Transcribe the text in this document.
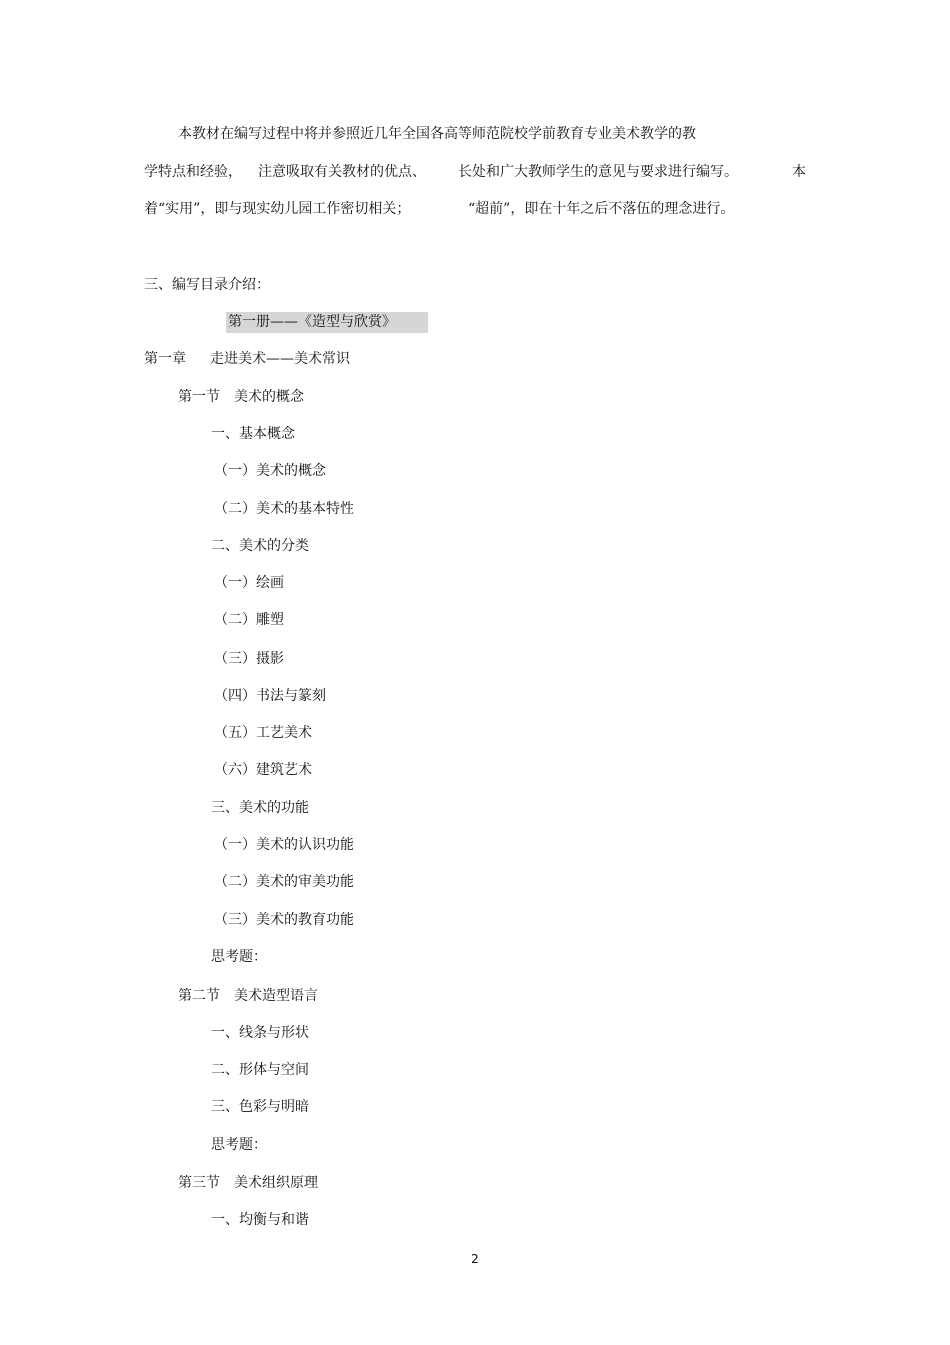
本教材在编写过程中将并参照近几年全国各高等师范院校学前教育专业美术教学的教
学特点和经验， 注意吸取有关教材的优点、 长处和广大教师学生的意见与要求进行编写。	本
着“实用”，即与现实幼儿园工作密切相关；	“超前”，即在十年之后不落伍的理念进行。
三、编写目录介绍：
第一册——《造型与欣赏》
第一章 走进美术——美术常识
第一节 美术的概念
一、基本概念
（一）美术的概念
（二）美术的基本特性
二、美术的分类
（一）绘画
（二）雕塑
（三）摄影
（四）书法与篆刻
（五）工艺美术
（六）建筑艺术
三、美术的功能
（一）美术的认识功能
（二）美术的审美功能
（三）美术的教育功能
思考题：
第二节 美术造型语言
一、线条与形状
二、形体与空间
三、色彩与明暗
思考题：
第三节 美术组织原理
一、均衡与和谐
2
